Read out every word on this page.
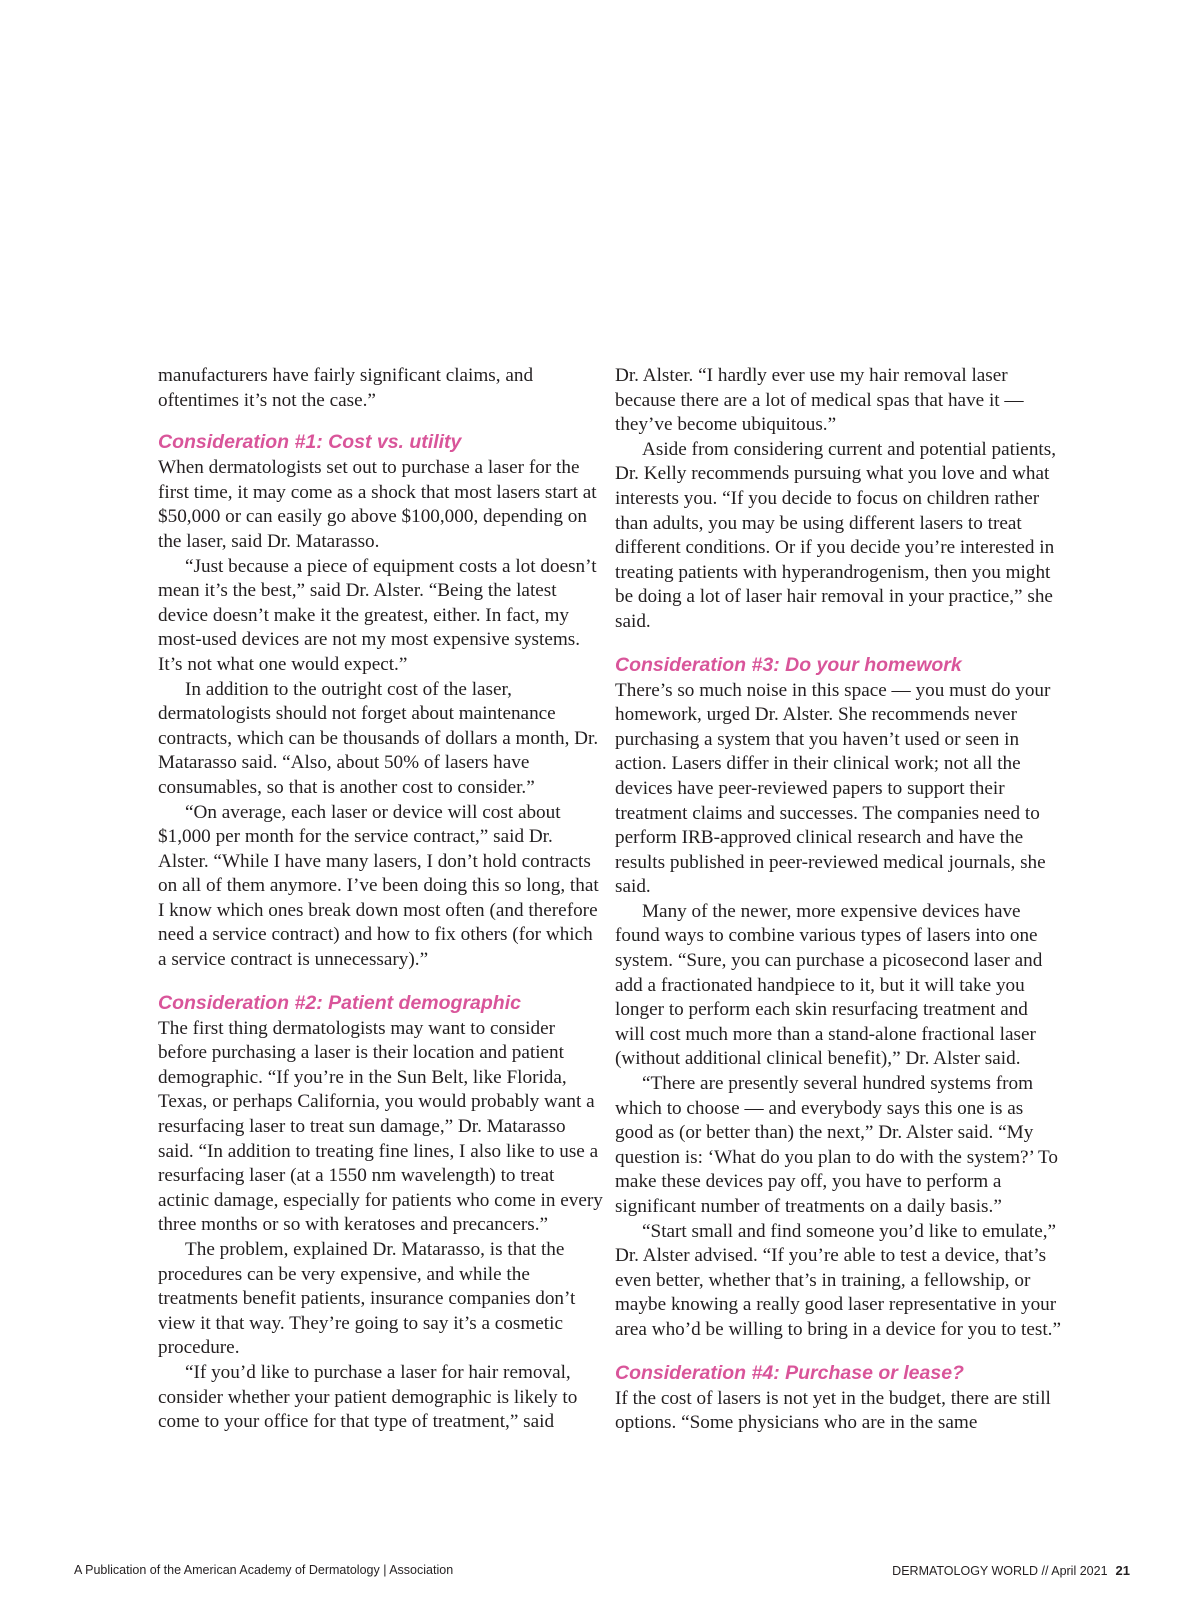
manufacturers have fairly significant claims, and oftentimes it’s not the case.”

Consideration #1: Cost vs. utility

When dermatologists set out to purchase a laser for the first time, it may come as a shock that most lasers start at $50,000 or can easily go above $100,000, depending on the laser, said Dr. Matarasso.

“Just because a piece of equipment costs a lot doesn’t mean it’s the best,” said Dr. Alster. “Being the latest device doesn’t make it the greatest, either. In fact, my most-used devices are not my most expensive systems. It’s not what one would expect.”

In addition to the outright cost of the laser, dermatologists should not forget about maintenance contracts, which can be thousands of dollars a month, Dr. Matarasso said. “Also, about 50% of lasers have consumables, so that is another cost to consider.”

“On average, each laser or device will cost about $1,000 per month for the service contract,” said Dr. Alster. “While I have many lasers, I don’t hold contracts on all of them anymore. I’ve been doing this so long, that I know which ones break down most often (and therefore need a service contract) and how to fix others (for which a service contract is unnecessary).”

Consideration #2: Patient demographic

The first thing dermatologists may want to consider before purchasing a laser is their location and patient demographic. “If you’re in the Sun Belt, like Florida, Texas, or perhaps California, you would probably want a resurfacing laser to treat sun damage,” Dr. Matarasso said. “In addition to treating fine lines, I also like to use a resurfacing laser (at a 1550 nm wavelength) to treat actinic damage, especially for patients who come in every three months or so with keratoses and precancers.”

The problem, explained Dr. Matarasso, is that the procedures can be very expensive, and while the treatments benefit patients, insurance companies don’t view it that way. They’re going to say it’s a cosmetic procedure.

“If you’d like to purchase a laser for hair removal, consider whether your patient demographic is likely to come to your office for that type of treatment,” said

Dr. Alster. “I hardly ever use my hair removal laser because there are a lot of medical spas that have it — they’ve become ubiquitous.”

Aside from considering current and potential patients, Dr. Kelly recommends pursuing what you love and what interests you. “If you decide to focus on children rather than adults, you may be using different lasers to treat different conditions. Or if you decide you’re interested in treating patients with hyperandrogenism, then you might be doing a lot of laser hair removal in your practice,” she said.

Consideration #3: Do your homework

There’s so much noise in this space — you must do your homework, urged Dr. Alster. She recommends never purchasing a system that you haven’t used or seen in action. Lasers differ in their clinical work; not all the devices have peer-reviewed papers to support their treatment claims and successes. The companies need to perform IRB-approved clinical research and have the results published in peer-reviewed medical journals, she said.

Many of the newer, more expensive devices have found ways to combine various types of lasers into one system. “Sure, you can purchase a picosecond laser and add a fractionated handpiece to it, but it will take you longer to perform each skin resurfacing treatment and will cost much more than a stand-alone fractional laser (without additional clinical benefit),” Dr. Alster said.

“There are presently several hundred systems from which to choose — and everybody says this one is as good as (or better than) the next,” Dr. Alster said. “My question is: ‘What do you plan to do with the system?’ To make these devices pay off, you have to perform a significant number of treatments on a daily basis.”

“Start small and find someone you’d like to emulate,” Dr. Alster advised. “If you’re able to test a device, that’s even better, whether that’s in training, a fellowship, or maybe knowing a really good laser representative in your area who’d be willing to bring in a device for you to test.”

Consideration #4: Purchase or lease?

If the cost of lasers is not yet in the budget, there are still options. “Some physicians who are in the same

A Publication of the American Academy of Dermatology | Association	DERMATOLOGY WORLD // April 2021 21
